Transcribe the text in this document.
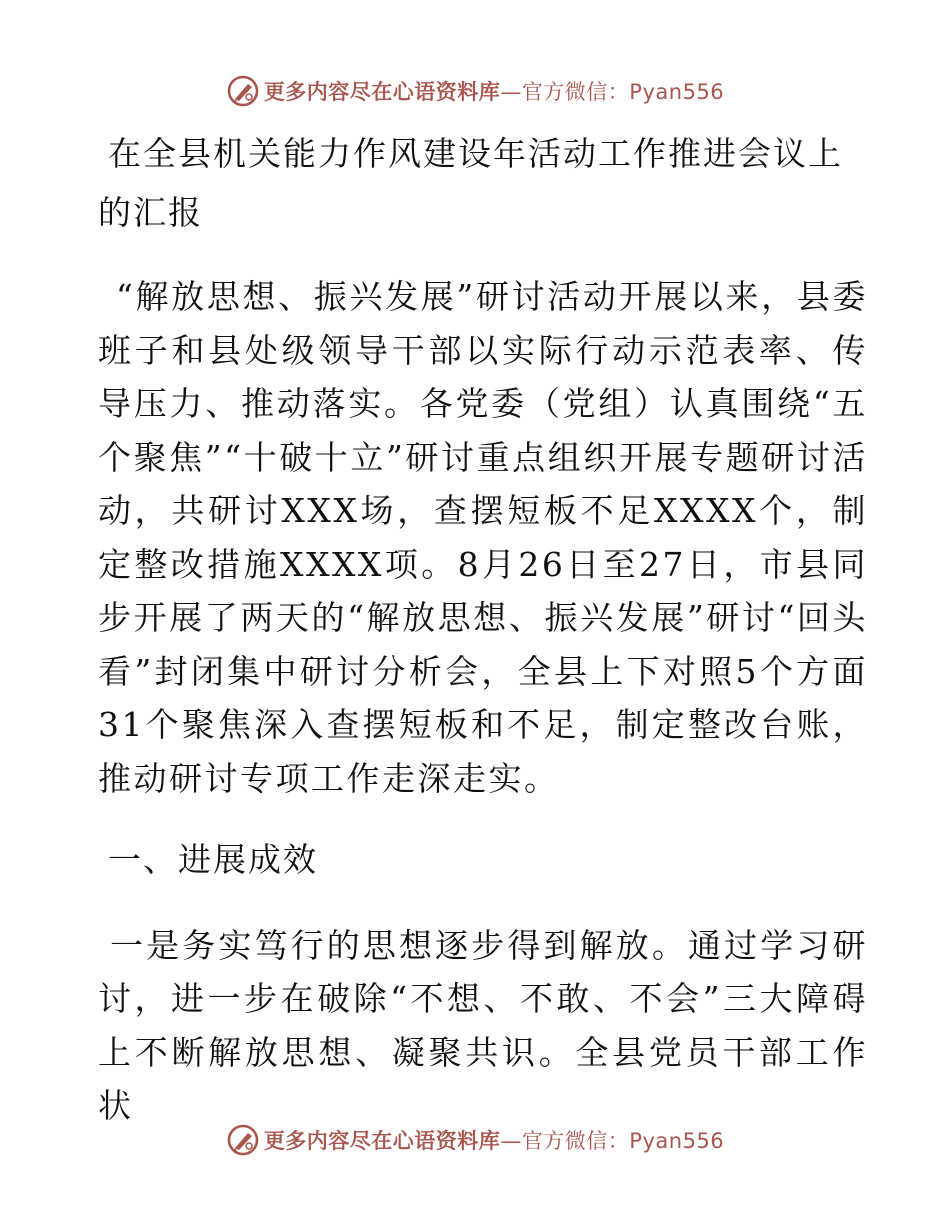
更多内容尽在心语资料库—官方微信：Pyan556
在全县机关能力作风建设年活动工作推进会议上的汇报

“解放思想、振兴发展”研讨活动开展以来，县委班子和县处级领导干部以实际行动示范表率、传导压力、推动落实。各党委（党组）认真围绕“五个聚焦”“十破十立”研讨重点组织开展专题研讨活动，共研讨XXX场，查摆短板不足XXXX个，制定整改措施XXXX项。8月26日至27日，市县同步开展了两天的“解放思想、振兴发展”研讨“回头看”封闭集中研讨分析会，全县上下对照5个方面31个聚焦深入查摆短板和不足，制定整改台账，推动研讨专项工作走深走实。

一、进展成效

一是务实笃行的思想逐步得到解放。通过学习研讨，进一步在破除“不想、不敢、不会”三大障碍上不断解放思想、凝聚共识。全县党员干部工作状

更多内容尽在心语资料库—官方微信：Pyan556
